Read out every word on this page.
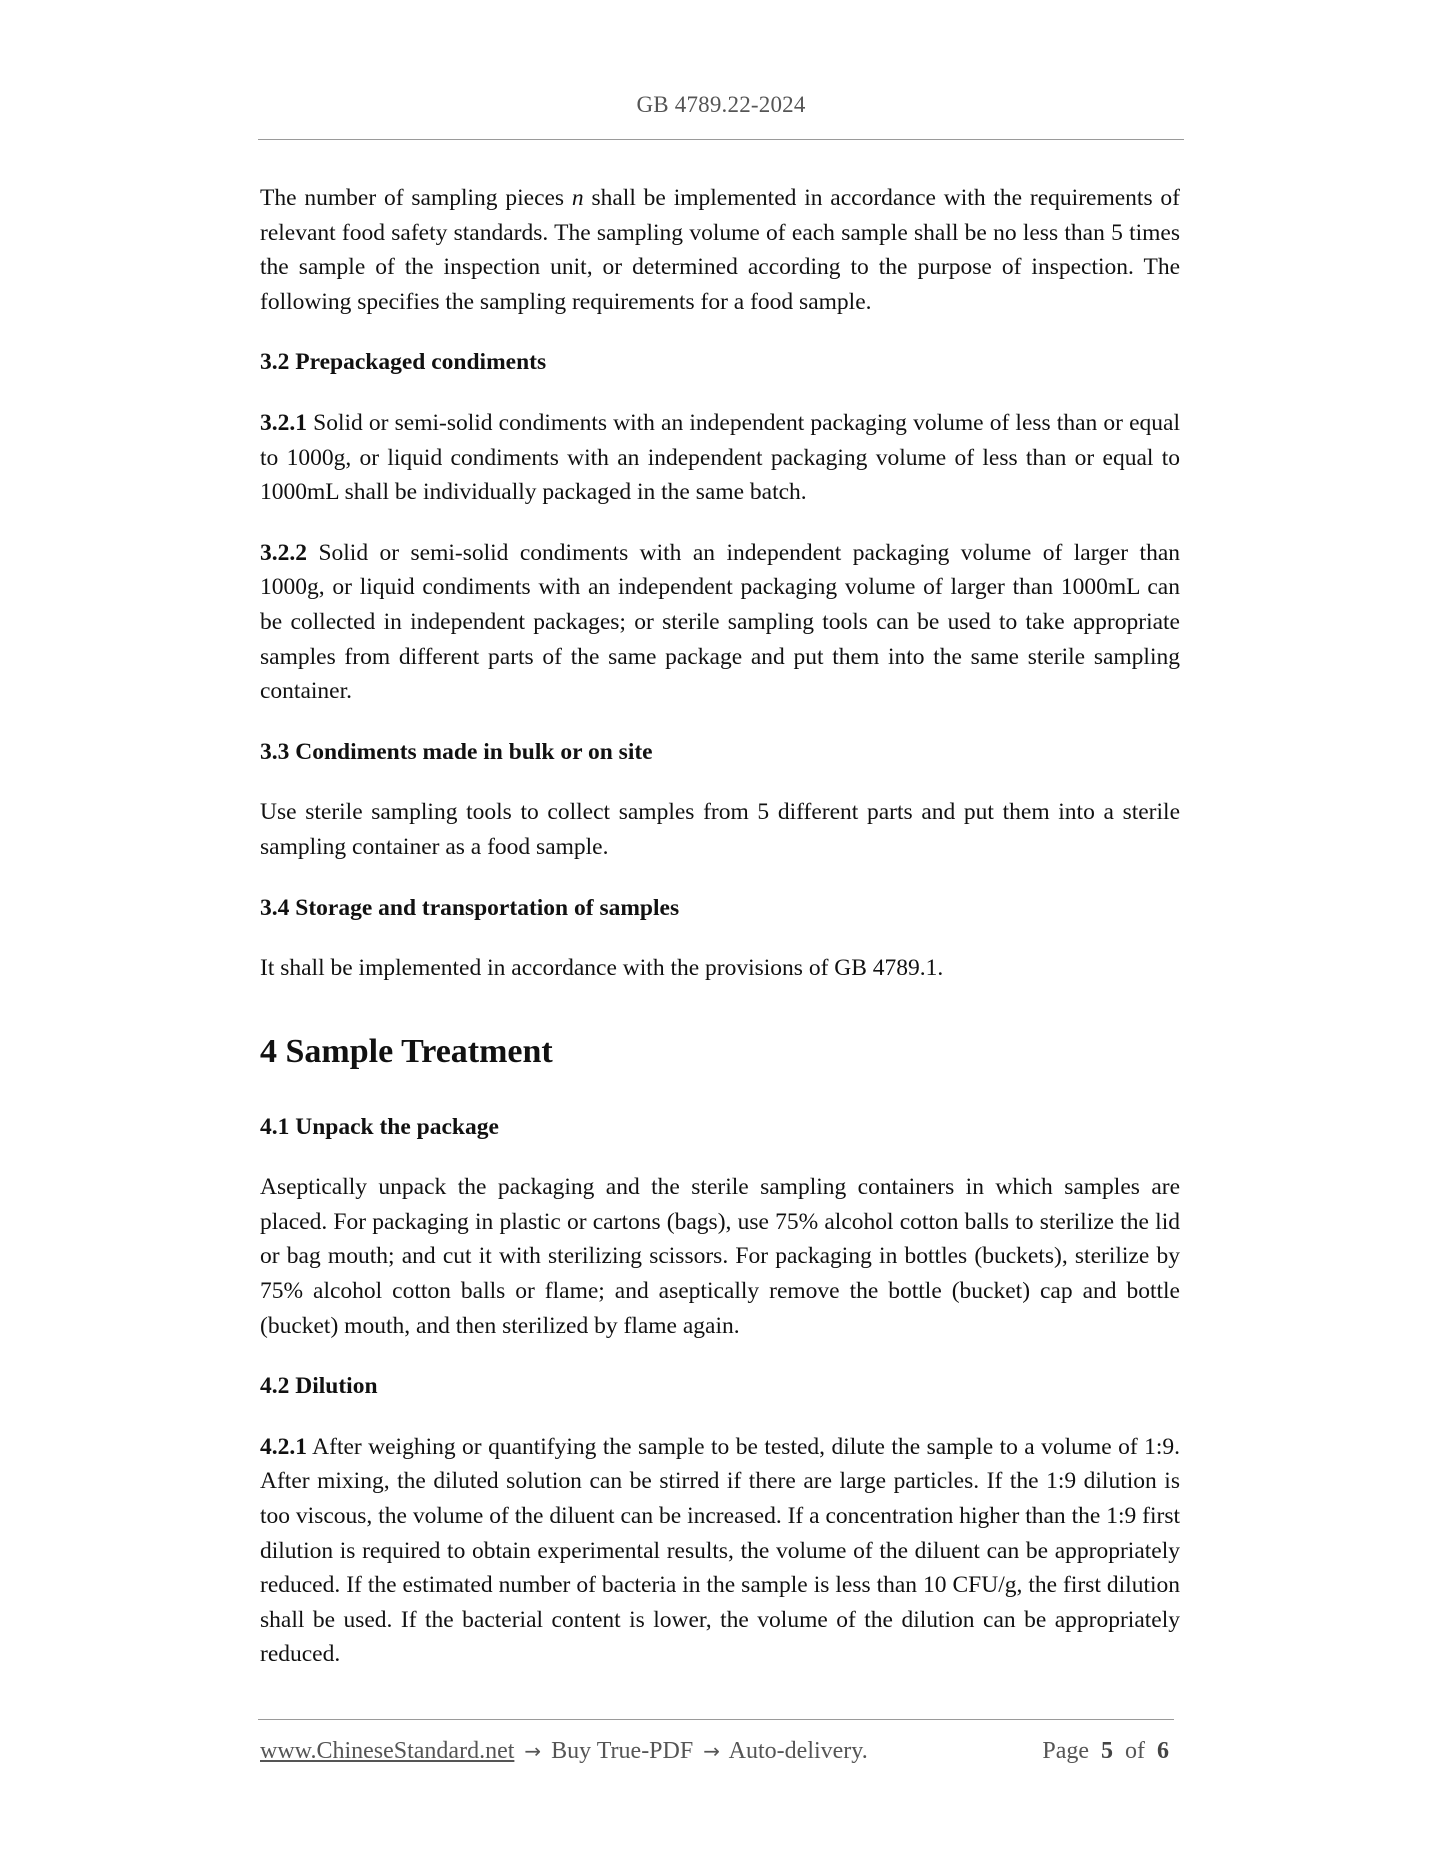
GB 4789.22-2024

The number of sampling pieces n shall be implemented in accordance with the requirements of relevant food safety standards. The sampling volume of each sample shall be no less than 5 times the sample of the inspection unit, or determined according to the purpose of inspection. The following specifies the sampling requirements for a food sample.

3.2 Prepackaged condiments

3.2.1 Solid or semi-solid condiments with an independent packaging volume of less than or equal to 1000g, or liquid condiments with an independent packaging volume of less than or equal to 1000mL shall be individually packaged in the same batch.

3.2.2 Solid or semi-solid condiments with an independent packaging volume of larger than 1000g, or liquid condiments with an independent packaging volume of larger than 1000mL can be collected in independent packages; or sterile sampling tools can be used to take appropriate samples from different parts of the same package and put them into the same sterile sampling container.

3.3 Condiments made in bulk or on site

Use sterile sampling tools to collect samples from 5 different parts and put them into a sterile sampling container as a food sample.

3.4 Storage and transportation of samples

It shall be implemented in accordance with the provisions of GB 4789.1.

4 Sample Treatment

4.1 Unpack the package

Aseptically unpack the packaging and the sterile sampling containers in which samples are placed. For packaging in plastic or cartons (bags), use 75% alcohol cotton balls to sterilize the lid or bag mouth; and cut it with sterilizing scissors. For packaging in bottles (buckets), sterilize by 75% alcohol cotton balls or flame; and aseptically remove the bottle (bucket) cap and bottle (bucket) mouth, and then sterilized by flame again.

4.2 Dilution

4.2.1 After weighing or quantifying the sample to be tested, dilute the sample to a volume of 1:9. After mixing, the diluted solution can be stirred if there are large particles. If the 1:9 dilution is too viscous, the volume of the diluent can be increased. If a concentration higher than the 1:9 first dilution is required to obtain experimental results, the volume of the diluent can be appropriately reduced. If the estimated number of bacteria in the sample is less than 10 CFU/g, the first dilution shall be used. If the bacterial content is lower, the volume of the dilution can be appropriately reduced.

www.ChineseStandard.net → Buy True-PDF → Auto-delivery.	Page 5 of 6
